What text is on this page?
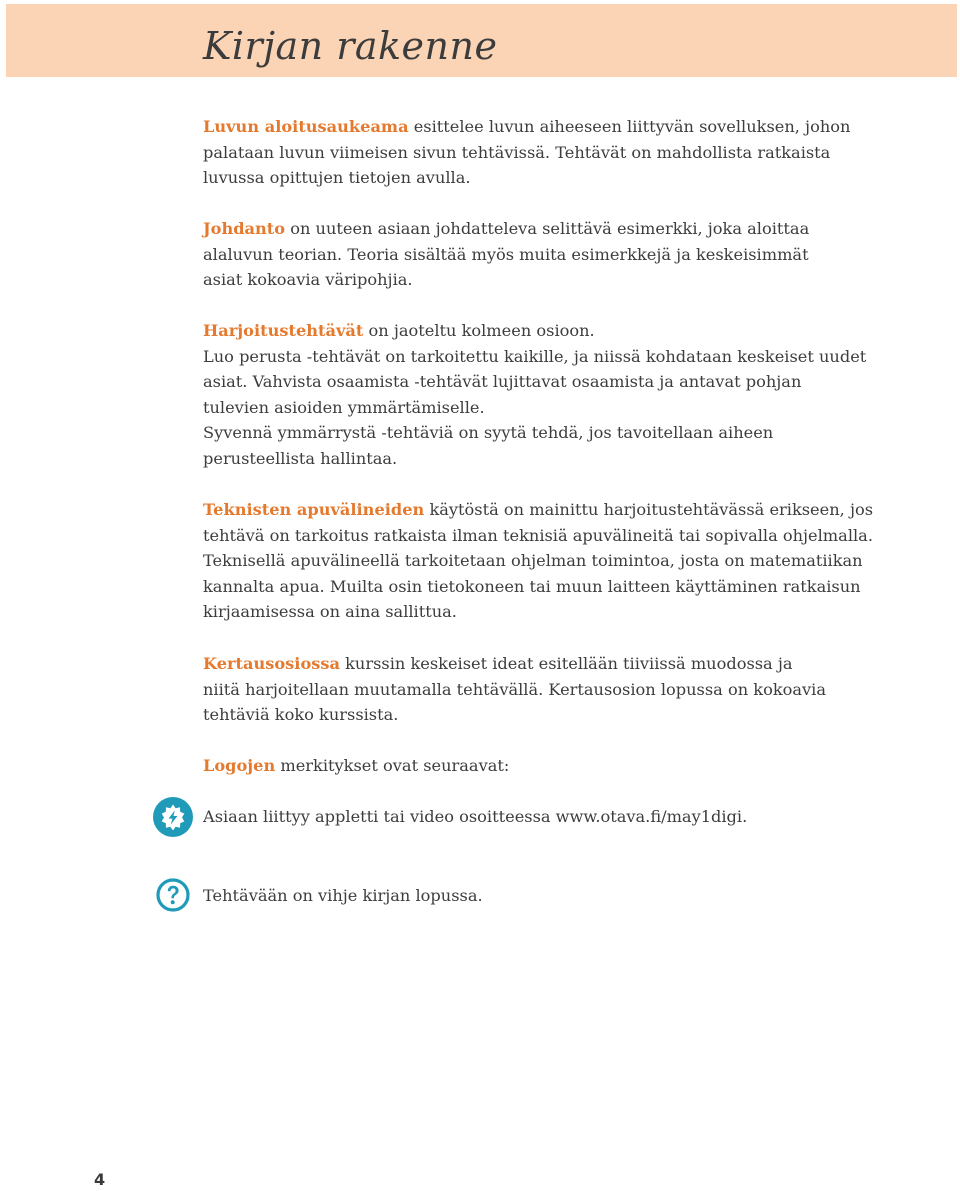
Kirjan rakenne

Luvun aloitusaukeama esittelee luvun aiheeseen liittyvän sovelluksen, johon
palataan luvun viimeisen sivun tehtävissä. Tehtävät on mahdollista ratkaista
luvussa opittujen tietojen avulla.

Johdanto on uuteen asiaan johdatteleva selittävä esimerkki, joka aloittaa
alaluvun teorian. Teoria sisältää myös muita esimerkkejä ja keskeisimmät
asiat kokoavia väripohjia.

Harjoitustehtävät on jaoteltu kolmeen osioon.
Luo perusta -tehtävät on tarkoitettu kaikille, ja niissä kohdataan keskeiset uudet
asiat. Vahvista osaamista -tehtävät lujittavat osaamista ja antavat pohjan
tulevien asioiden ymmärtämiselle.
Syvennä ymmärrystä -tehtäviä on syytä tehdä, jos tavoitellaan aiheen
perusteellista hallintaa.

Teknisten apuvälineiden käytöstä on mainittu harjoitustehtävässä erikseen, jos
tehtävä on tarkoitus ratkaista ilman teknisiä apuvälineitä tai sopivalla ohjelmalla.
Teknisellä apuvälineellä tarkoitetaan ohjelman toimintoa, josta on matematiikan
kannalta apua. Muilta osin tietokoneen tai muun laitteen käyttäminen ratkaisun
kirjaamisessa on aina sallittua.

Kertausosiossa kurssin keskeiset ideat esitellään tiiviissä muodossa ja
niitä harjoitellaan muutamalla tehtävällä. Kertausosion lopussa on kokoavia
tehtäviä koko kurssista.

Logojen merkitykset ovat seuraavat:

Asiaan liittyy appletti tai video osoitteessa www.otava.fi/may1digi.
Tehtävään on vihje kirjan lopussa.
4
